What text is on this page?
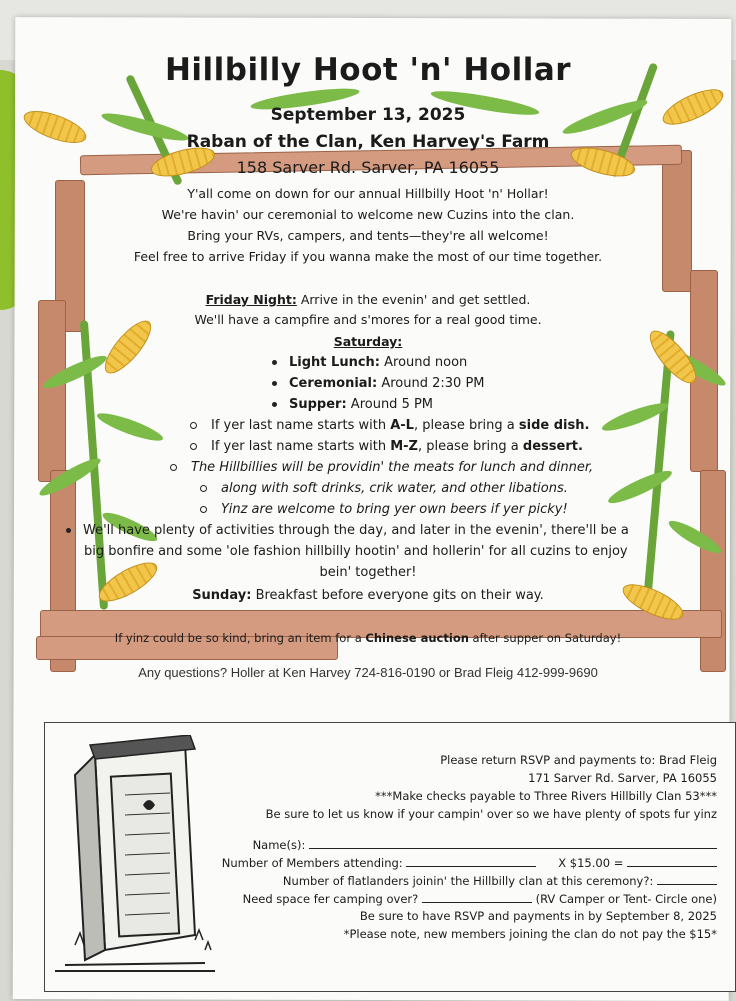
Hillbilly Hoot 'n' Hollar
September 13, 2025
Raban of the Clan, Ken Harvey's Farm
158 Sarver Rd. Sarver, PA 16055
Y'all come on down for our annual Hillbilly Hoot 'n' Hollar!
We're havin' our ceremonial to welcome new Cuzins into the clan.
Bring your RVs, campers, and tents—they're all welcome!
Feel free to arrive Friday if you wanna make the most of our time together.
Friday Night: Arrive in the evenin' and get settled.
We'll have a campfire and s'mores for a real good time.
Saturday:
Light Lunch: Around noon
Ceremonial: Around 2:30 PM
Supper: Around 5 PM
If yer last name starts with A-L, please bring a side dish.
If yer last name starts with M-Z, please bring a dessert.
The Hillbillies will be providin' the meats for lunch and dinner,
along with soft drinks, crik water, and other libations.
Yinz are welcome to bring yer own beers if yer picky!
We'll have plenty of activities through the day, and later in the evenin', there'll be a
big bonfire and some 'ole fashion hillbilly hootin' and hollerin' for all cuzins to enjoy
bein' together!
Sunday: Breakfast before everyone gits on their way.
If yinz could be so kind, bring an item for a Chinese auction after supper on Saturday!
Any questions? Holler at Ken Harvey 724-816-0190 or Brad Fleig 412-999-9690
Please return RSVP and payments to: Brad Fleig
171 Sarver Rd. Sarver, PA 16055
***Make checks payable to Three Rivers Hillbilly Clan 53***
Be sure to let us know if your campin' over so we have plenty of spots fur yinz
Name(s):
Number of Members attending:	X $15.00 =
Number of flatlanders joinin' the Hillbilly clan at this ceremony?:
Need space fer camping over?	(RV Camper or Tent- Circle one)
Be sure to have RSVP and payments in by September 8, 2025
*Please note, new members joining the clan do not pay the $15*
